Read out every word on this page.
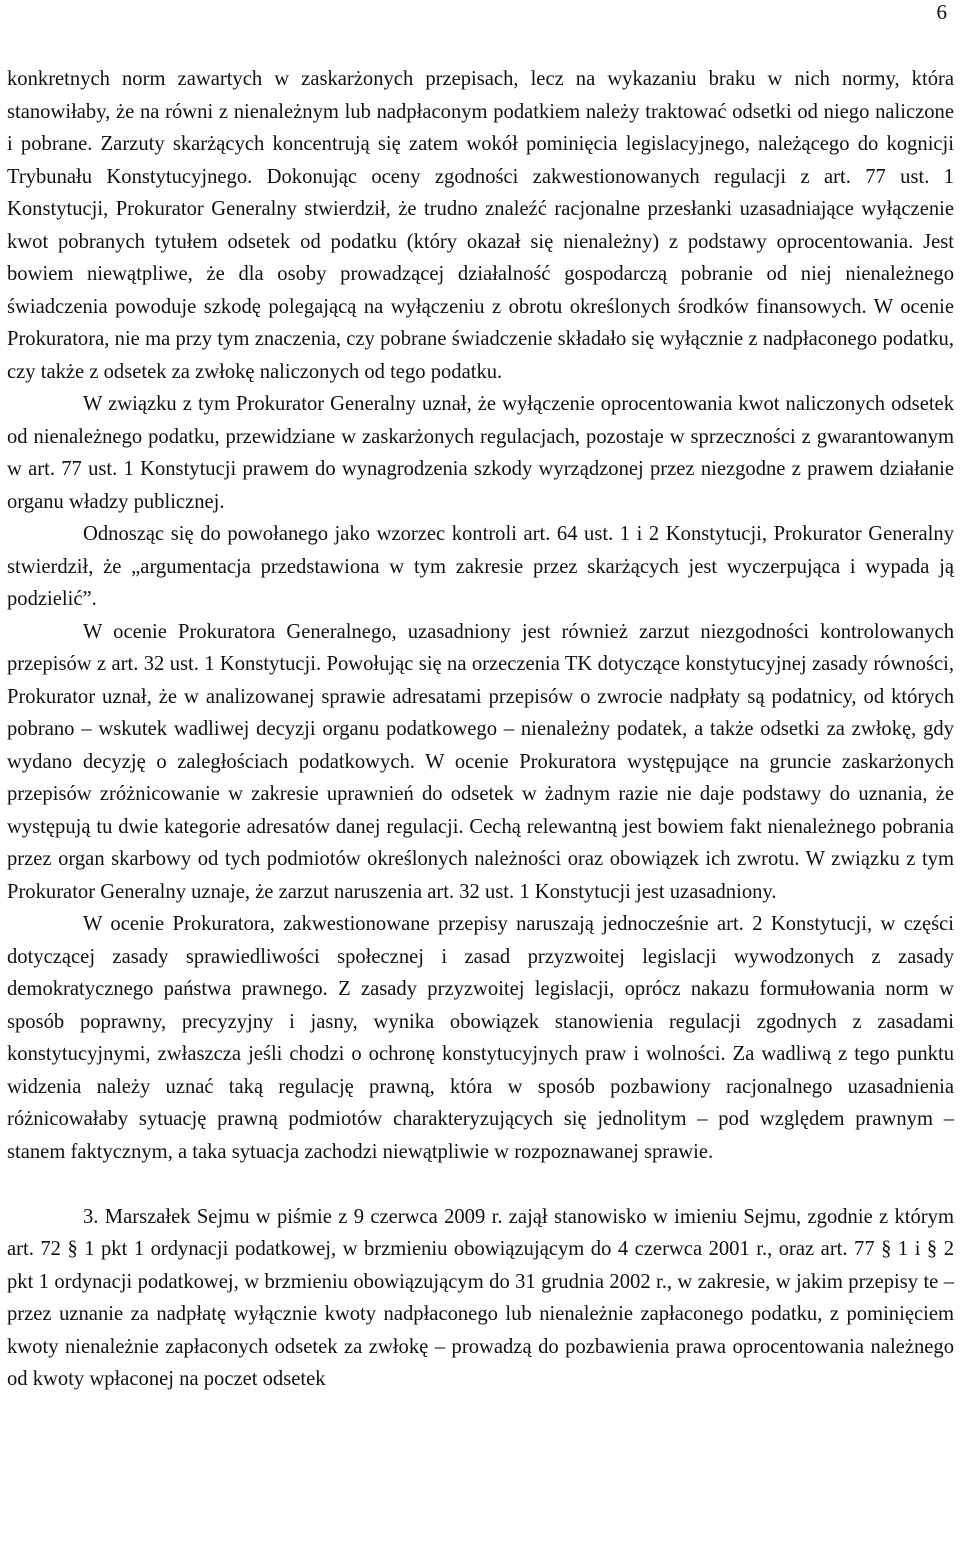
6

konkretnych norm zawartych w zaskarżonych przepisach, lecz na wykazaniu braku w nich normy, która stanowiłaby, że na równi z nienależnym lub nadpłaconym podatkiem należy traktować odsetki od niego naliczone i pobrane. Zarzuty skarżących koncentrują się zatem wokół pominięcia legislacyjnego, należącego do kognicji Trybunału Konstytucyjnego. Dokonując oceny zgodności zakwestionowanych regulacji z art. 77 ust. 1 Konstytucji, Prokurator Generalny stwierdził, że trudno znaleźć racjonalne przesłanki uzasadniające wyłączenie kwot pobranych tytułem odsetek od podatku (który okazał się nienależny) z podstawy oprocentowania. Jest bowiem niewątpliwe, że dla osoby prowadzącej działalność gospodarczą pobranie od niej nienależnego świadczenia powoduje szkodę polegającą na wyłączeniu z obrotu określonych środków finansowych. W ocenie Prokuratora, nie ma przy tym znaczenia, czy pobrane świadczenie składało się wyłącznie z nadpłaconego podatku, czy także z odsetek za zwłokę naliczonych od tego podatku.

W związku z tym Prokurator Generalny uznał, że wyłączenie oprocentowania kwot naliczonych odsetek od nienależnego podatku, przewidziane w zaskarżonych regulacjach, pozostaje w sprzeczności z gwarantowanym w art. 77 ust. 1 Konstytucji prawem do wynagrodzenia szkody wyrządzonej przez niezgodne z prawem działanie organu władzy publicznej.

Odnosząc się do powołanego jako wzorzec kontroli art. 64 ust. 1 i 2 Konstytucji, Prokurator Generalny stwierdził, że „argumentacja przedstawiona w tym zakresie przez skarżących jest wyczerpująca i wypada ją podzielić”.

W ocenie Prokuratora Generalnego, uzasadniony jest również zarzut niezgodności kontrolowanych przepisów z art. 32 ust. 1 Konstytucji. Powołując się na orzeczenia TK dotyczące konstytucyjnej zasady równości, Prokurator uznał, że w analizowanej sprawie adresatami przepisów o zwrocie nadpłaty są podatnicy, od których pobrano – wskutek wadliwej decyzji organu podatkowego – nienależny podatek, a także odsetki za zwłokę, gdy wydano decyzję o zaległościach podatkowych. W ocenie Prokuratora występujące na gruncie zaskarżonych przepisów zróżnicowanie w zakresie uprawnień do odsetek w żadnym razie nie daje podstawy do uznania, że występują tu dwie kategorie adresatów danej regulacji. Cechą relewantną jest bowiem fakt nienależnego pobrania przez organ skarbowy od tych podmiotów określonych należności oraz obowiązek ich zwrotu. W związku z tym Prokurator Generalny uznaje, że zarzut naruszenia art. 32 ust. 1 Konstytucji jest uzasadniony.

W ocenie Prokuratora, zakwestionowane przepisy naruszają jednocześnie art. 2 Konstytucji, w części dotyczącej zasady sprawiedliwości społecznej i zasad przyzwoitej legislacji wywodzonych z zasady demokratycznego państwa prawnego. Z zasady przyzwoitej legislacji, oprócz nakazu formułowania norm w sposób poprawny, precyzyjny i jasny, wynika obowiązek stanowienia regulacji zgodnych z zasadami konstytucyjnymi, zwłaszcza jeśli chodzi o ochronę konstytucyjnych praw i wolności. Za wadliwą z tego punktu widzenia należy uznać taką regulację prawną, która w sposób pozbawiony racjonalnego uzasadnienia różnicowałaby sytuację prawną podmiotów charakteryzujących się jednolitym – pod względem prawnym – stanem faktycznym, a taka sytuacja zachodzi niewątpliwie w rozpoznawanej sprawie.

3. Marszałek Sejmu w piśmie z 9 czerwca 2009 r. zajął stanowisko w imieniu Sejmu, zgodnie z którym art. 72 § 1 pkt 1 ordynacji podatkowej, w brzmieniu obowiązującym do 4 czerwca 2001 r., oraz art. 77 § 1 i § 2 pkt 1 ordynacji podatkowej, w brzmieniu obowiązującym do 31 grudnia 2002 r., w zakresie, w jakim przepisy te – przez uznanie za nadpłatę wyłącznie kwoty nadpłaconego lub nienależnie zapłaconego podatku, z pominięciem kwoty nienależnie zapłaconych odsetek za zwłokę – prowadzą do pozbawienia prawa oprocentowania należnego od kwoty wpłaconej na poczet odsetek
